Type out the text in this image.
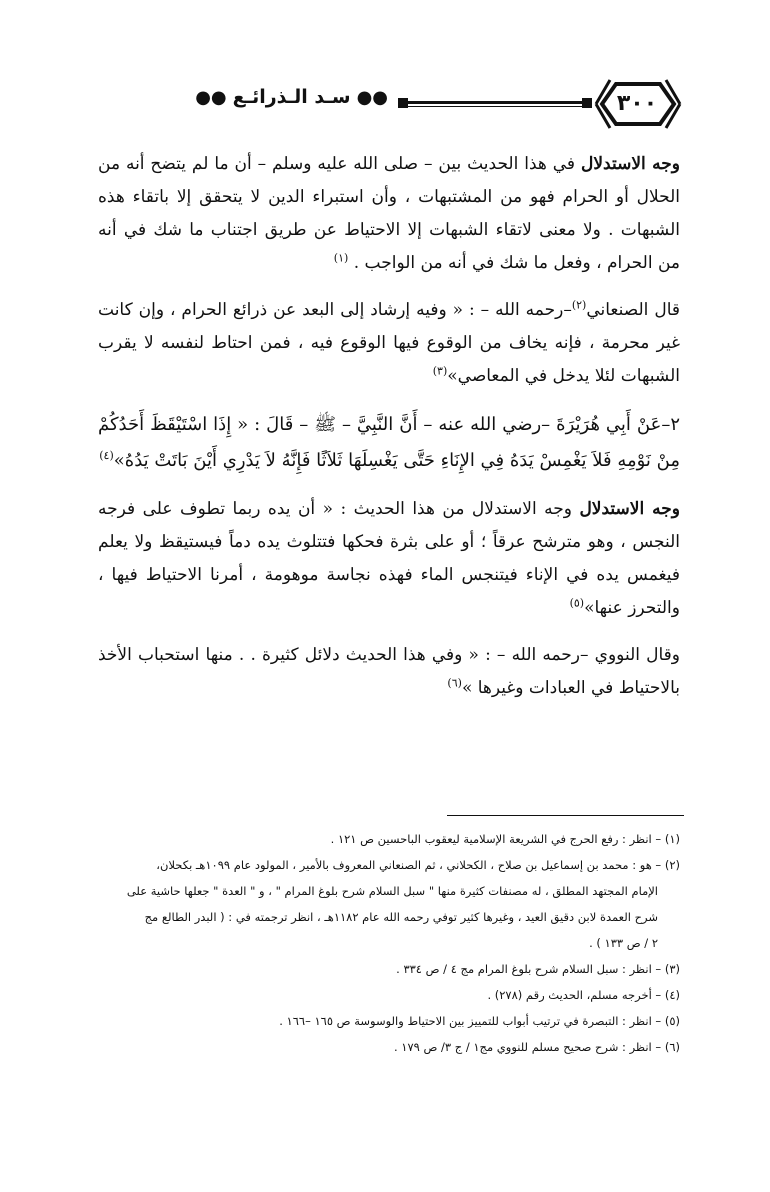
٣٠٠
●●سـد الـذرائـع●●

وجه الاستدلال في هذا الحديث بين – صلى الله عليه وسلم – أن ما لم يتضح أنه من الحلال أو الحرام فهو من المشتبهات ، وأن استبراء الدين لا يتحقق إلا باتقاء هذه الشبهات . ولا معنى لاتقاء الشبهات إلا الاحتياط عن طريق اجتناب ما شك في أنه من الحرام ، وفعل ما شك في أنه من الواجب . $^{(١)}$

قال الصنعاني$^{(٢)}$–رحمه الله – : « وفيه إرشاد إلى البعد عن ذرائع الحرام ، وإن كانت غير محرمة ، فإنه يخاف من الوقوع فيها الوقوع فيه ، فمن احتاط لنفسه لا يقرب الشبهات لئلا يدخل في المعاصي»$^{(٣)}$

٢–عَنْ أَبِي هُرَيْرَةَ –رضي الله عنه – أَنَّ النَّبِيَّ – ﷺ – قَالَ : « إِذَا اسْتَيْقَظَ أَحَدُكُمْ مِنْ نَوْمِهِ فَلاَ يَغْمِسْ يَدَهُ فِي الإِنَاءِ حَتَّى يَغْسِلَهَا ثَلاَثًا فَإِنَّهُ لاَ يَدْرِي أَيْنَ بَاتَتْ يَدُهُ»$^{(٤)}$

وجه الاستدلال وجه الاستدلال من هذا الحديث : « أن يده ربما تطوف على فرجه النجس ، وهو مترشح عرقاً ؛ أو على بثرة فحكها فتتلوث يده دماً فيستيقظ ولا يعلم فيغمس يده في الإناء فيتنجس الماء فهذه نجاسة موهومة ، أمرنا الاحتياط فيها ، والتحرز عنها»$^{(٥)}$

وقال النووي –رحمه الله – : « وفي هذا الحديث دلائل كثيرة . . منها استحباب الأخذ بالاحتياط في العبادات وغيرها »$^{(٦)}$

(١) – انظر : رفع الحرج في الشريعة الإسلامية ليعقوب الباحسين ص ١٢١ .

(٢) – هو : محمد بن إسماعيل بن صلاح ، الكحلاني ، ثم الصنعاني المعروف بالأمير ، المولود عام ١٠٩٩هـ بكحلان،

الإمام المجتهد المطلق ، له مصنفات كثيرة منها " سبل السلام شرح بلوغ المرام " ، و " العدة " جعلها حاشية على

شرح العمدة لابن دقيق العيد ، وغيرها كثير توفي رحمه الله عام ١١٨٢هـ ، انظر ترجمته في : ( البدر الطالع مج

٢ / ص ١٣٣ ) .

(٣) – انظر : سبل السلام شرح بلوغ المرام مج ٤ / ص ٣٣٤ .

(٤) – أخرجه مسلم، الحديث رقم (٢٧٨) .

(٥) – انظر : التبصرة في ترتيب أبواب للتمييز بين الاحتياط والوسوسة ص ١٦٥ –١٦٦ .

(٦) – انظر : شرح صحيح مسلم للنووي مج١ / ج ٣/ ص ١٧٩ .
